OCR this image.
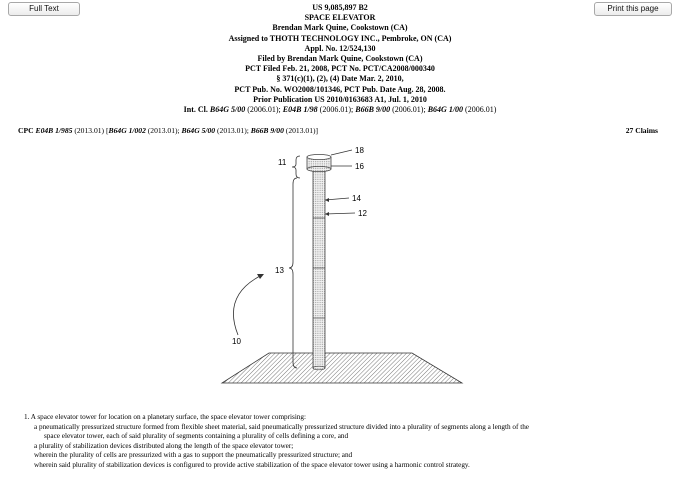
Full Text	Print this page
US 9,085,897 B2
SPACE ELEVATOR
Brendan Mark Quine, Cookstown (CA)
Assigned to THOTH TECHNOLOGY INC., Pembroke, ON (CA)
Appl. No. 12/524,130
Filed by Brendan Mark Quine, Cookstown (CA)
PCT Filed Feb. 21, 2008, PCT No. PCT/CA2008/000340
§ 371(c)(1), (2), (4) Date Mar. 2, 2010,
PCT Pub. No. WO2008/101346, PCT Pub. Date Aug. 28, 2008.
Prior Publication US 2010/0163683 A1, Jul. 1, 2010
Int. Cl. B64G 5/00 (2006.01); E04B 1/98 (2006.01); B66B 9/00 (2006.01); B64G 1/00 (2006.01)
CPC E04B 1/985 (2013.01) [B64G 1/002 (2013.01); B64G 5/00 (2013.01); B66B 9/00 (2013.01)]	27 Claims
18
16
11
14
12
13
10
1. A space elevator tower for location on a planetary surface, the space elevator tower comprising:
a pneumatically pressurized structure formed from flexible sheet material, said pneumatically pressurized structure divided into a plurality of segments along a length of the
space elevator tower, each of said plurality of segments containing a plurality of cells defining a core, and
a plurality of stabilization devices distributed along the length of the space elevator tower;
wherein the plurality of cells are pressurized with a gas to support the pneumatically pressurized structure; and
wherein said plurality of stabilization devices is configured to provide active stabilization of the space elevator tower using a harmonic control strategy.
